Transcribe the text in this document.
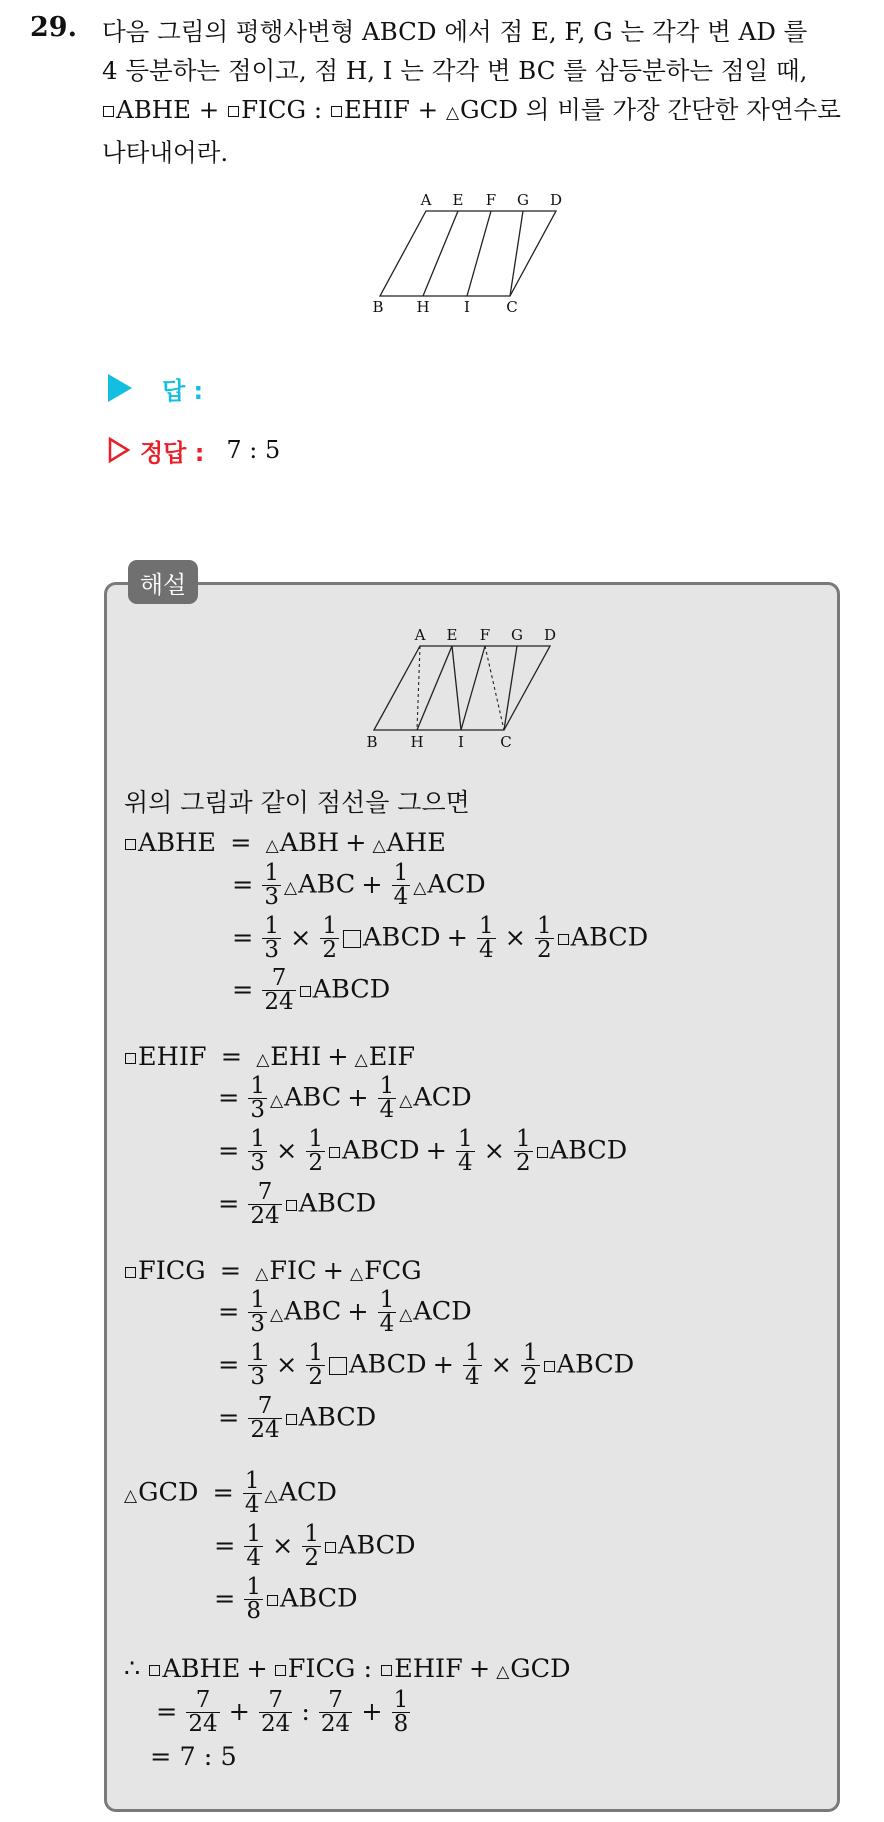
29. 다음 그림의 평행사변형 ABCD 에서 점 E, F, G 는 각각 변 AD 를
4 등분하는 점이고, 점 H, I 는 각각 변 BC 를 삼등분하는 점일 때,
ABHE + FICG : EHIF + △GCD 의 비를 가장 간단한 자연수로
나타내어라.
A E F G D
B H I C
답 :
정답 : 7 : 5
해설
A E F G D
B H I C
위의 그림과 같이 점선을 그으면
ABHE = △ABH + △AHE
= $\frac{1}{3}$ △ABC + $\frac{1}{4}$ △ACD
= $\frac{1}{3} \times \frac{1}{2}$ ABCD + $\frac{1}{4} \times \frac{1}{2}$ ABCD
= $\frac{7}{24}$ ABCD
EHIF = △EHI + △EIF
= $\frac{1}{3}$ △ABC + $\frac{1}{4}$ △ACD
= $\frac{1}{3} \times \frac{1}{2}$ ABCD + $\frac{1}{4} \times \frac{1}{2}$ ABCD
= $\frac{7}{24}$ ABCD
FICG = △FIC + △FCG
= $\frac{1}{3}$ △ABC + $\frac{1}{4}$ △ACD
= $\frac{1}{3} \times \frac{1}{2}$ ABCD + $\frac{1}{4} \times \frac{1}{2}$ ABCD
= $\frac{7}{24}$ ABCD
△GCD = $\frac{1}{4}$ △ACD
= $\frac{1}{4} \times \frac{1}{2}$ ABCD
= $\frac{1}{8}$ ABCD
∴ ABHE + FICG : EHIF + △GCD
= $\frac{7}{24} + \frac{7}{24}$ : $\frac{7}{24} + \frac{1}{8}$
= 7 : 5
